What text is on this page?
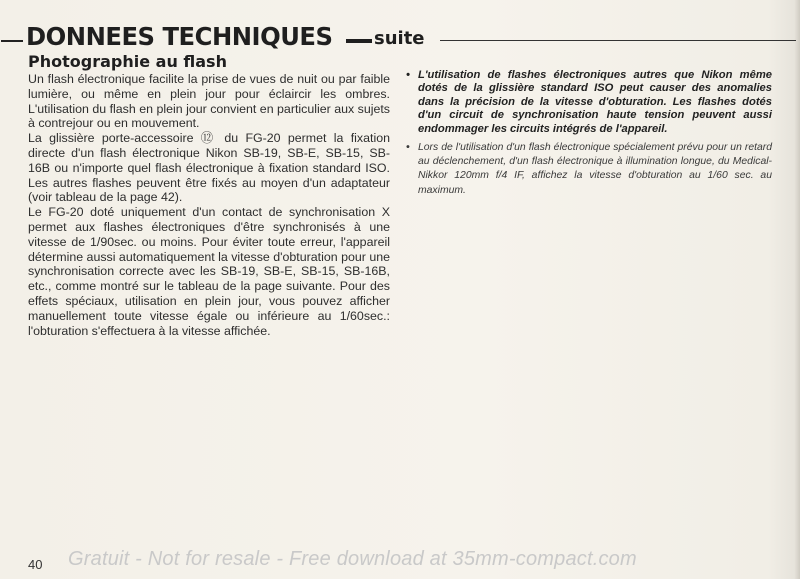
DONNEES TECHNIQUES suite
Photographie au flash

Un flash électronique facilite la prise de vues de nuit ou par faible lumière, ou même en plein jour pour éclaircir les ombres. L'utilisation du flash en plein jour convient en particulier aux sujets à contrejour ou en mouvement.

La glissière porte-accessoire ⑫ du FG-20 permet la fixation directe d'un flash électronique Nikon SB-19, SB-E, SB-15, SB-16B ou n'importe quel flash électronique à fixation standard ISO. Les autres flashes peuvent être fixés au moyen d'un adaptateur (voir tableau de la page 42).

Le FG-20 doté uniquement d'un contact de synchronisation X permet aux flashes électroniques d'être synchronisés à une vitesse de 1/90sec. ou moins. Pour éviter toute erreur, l'appareil détermine aussi automatiquement la vitesse d'obturation pour une synchronisation correcte avec les SB-19, SB-E, SB-15, SB-16B, etc., comme montré sur le tableau de la page suivante. Pour des effets spéciaux, utilisation en plein jour, vous pouvez afficher manuellement toute vitesse égale ou inférieure au 1/60sec.: l'obturation s'effectuera à la vitesse affichée.

• L'utilisation de flashes électroniques autres que Nikon même dotés de la glissière standard ISO peut causer des anomalies dans la précision de la vitesse d'obturation. Les flashes dotés d'un circuit de synchronisation haute tension peuvent aussi endommager les circuits intégrés de l'appareil.
• Lors de l'utilisation d'un flash électronique spécialement prévu pour un retard au déclenchement, d'un flash électronique à illumination longue, du Medical-Nikkor 120mm f/4 IF, affichez la vitesse d'obturation au 1/60 sec. au maximum.
40 Gratuit - Not for resale - Free download at 35mm-compact.com
